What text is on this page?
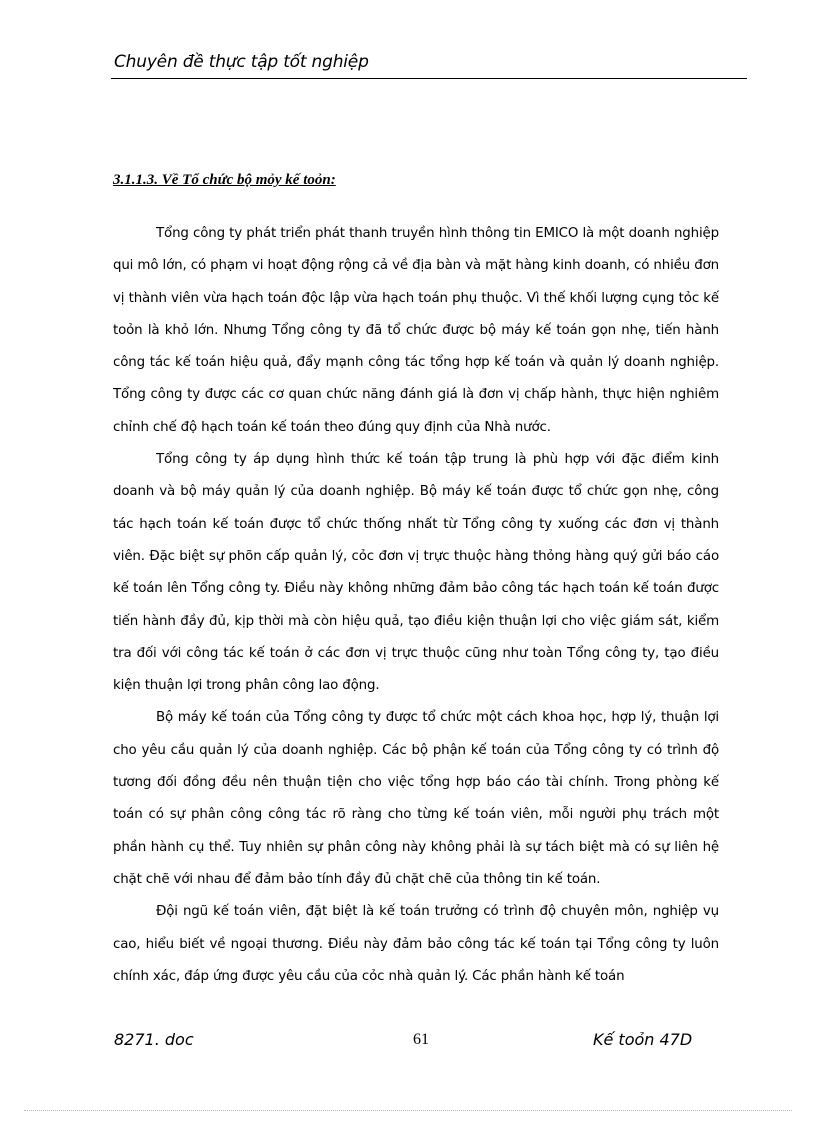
Chuyên đề thực tập tốt nghiệp
3.1.1.3. Về Tổ chức bộ mỏy kế toỏn:

Tổng công ty phát triển phát thanh truyền hình thông tin EMICO là một doanh nghiệp qui mô lớn, có phạm vi hoạt động rộng cả về địa bàn và mặt hàng kinh doanh, có nhiều đơn vị thành viên vừa hạch toán độc lập vừa hạch toán phụ thuộc. Vì thế khối lượng cụng tỏc kế toỏn là khỏ lớn. Nhưng Tổng công ty đã tổ chức được bộ máy kế toán gọn nhẹ, tiến hành công tác kế toán hiệu quả, đẩy mạnh công tác tổng hợp kế toán và quản lý doanh nghiệp. Tổng công ty được các cơ quan chức năng đánh giá là đơn vị chấp hành, thực hiện nghiêm chỉnh chế độ hạch toán kế toán theo đúng quy định của Nhà nước.

Tổng công ty áp dụng hình thức kế toán tập trung là phù hợp với đặc điểm kinh doanh và bộ máy quản lý của doanh nghiệp. Bộ máy kế toán được tổ chức gọn nhẹ, công tác hạch toán kế toán được tổ chức thống nhất từ Tổng công ty xuống các đơn vị thành viên. Đặc biệt sự phõn cấp quản lý, cỏc đơn vị trực thuộc hàng thỏng hàng quý gửi báo cáo kế toán lên Tổng công ty. Điều này không những đảm bảo công tác hạch toán kế toán được tiến hành đầy đủ, kịp thời mà còn hiệu quả, tạo điều kiện thuận lợi cho việc giám sát, kiểm tra đối với công tác kế toán ở các đơn vị trực thuộc cũng như toàn Tổng công ty, tạo điều kiện thuận lợi trong phân công lao động.

Bộ máy kế toán của Tổng công ty được tổ chức một cách khoa học, hợp lý, thuận lợi cho yêu cầu quản lý của doanh nghiệp. Các bộ phận kế toán của Tổng công ty có trình độ tương đối đồng đều nên thuận tiện cho việc tổng hợp báo cáo tài chính. Trong phòng kế toán có sự phân công công tác rõ ràng cho từng kế toán viên, mỗi người phụ trách một phần hành cụ thể. Tuy nhiên sự phân công này không phải là sự tách biệt mà có sự liên hệ chặt chẽ với nhau để đảm bảo tính đầy đủ chặt chẽ của thông tin kế toán.

Đội ngũ kế toán viên, đặt biệt là kế toán trưởng có trình độ chuyên môn, nghiệp vụ cao, hiểu biết về ngoại thương. Điều này đảm bảo công tác kế toán tại Tổng công ty luôn chính xác, đáp ứng được yêu cầu của cỏc nhà quản lý. Các phần hành kế toán

8271. doc	61	Kế toỏn 47D
